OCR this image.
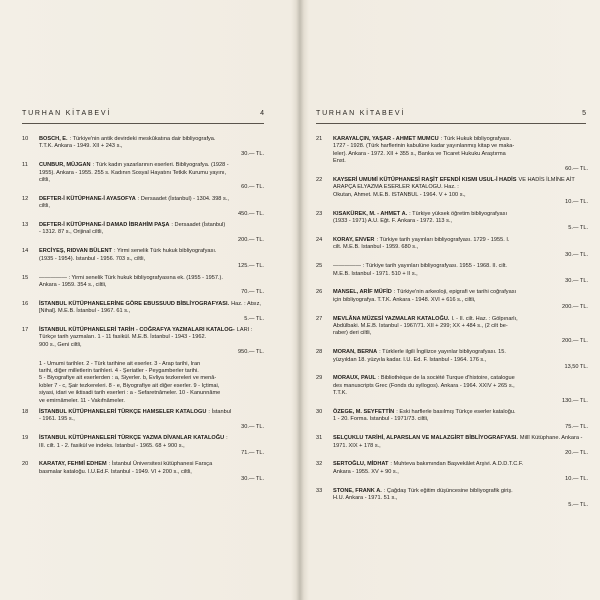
TURHAN KİTABEVİ	4
10	BOSCH, E. : Türkiye'nin antik devirdeki meskûkatına dair bibliyografya.
T.T.K. Ankara - 1949. XII + 243 s.,
30.— TL.
11	CUNBUR, MÜJGAN : Türk kadın yazarlarının eserleri. Bibliyografya. (1928 -
1955). Ankara - 1955. 255 s. Kadının Sosyal Hayatını Tetkik Kurumu yayını,
ciltli,
60.— TL.
12	DEFTER-İ KÜTÜPHANE-İ AYASOFYA : Dersaadet (İstanbul) - 1304. 398 s.,
ciltli,
450.— TL.
13	DEFTER-İ KÜTÜPHANE-İ DAMAD İBRAHİM PAŞA : Dersaadet (İstanbul)
- 1312. 87 s., Orijinal ciltli,
200.— TL.
14	ERCİYEŞ, RIDVAN BÜLENT : Yirmi senelik Türk hukuk bibliyografyası.
(1935 - 1954). İstanbul - 1956. 703 s., ciltli,
125.— TL.
15	————— : Yirmi senelik Türk hukuk bibliyografyasına ek. (1955 - 1957.).
Ankara - 1959. 354 s., ciltli,
70.— TL.
16	İSTANBUL KÜTÜPHANELERİNE GÖRE EBUSSUUD BİBLİYOGRAFYASI. Haz. : Atsız, [Nihal]. M.E.B. İstanbul - 1967. 61 s.,
5.— TL.
17	İSTANBUL KÜTÜPHANELERİ TARİH - COĞRAFYA YAZMALARI KATALOG- LARI : Türkçe tarih yazmaları. 1 - 11 fasikül. M.E.B. İstanbul - 1943 - 1962.
900 s., Geni ciltli,
950.— TL.
1 - Umumi tarihler. 2 - Türk tarihine ait eserler. 3 - Arap tarihi, İran
tarihi, diğer milletlerin tarihleri. 4 - Şeriatler - Peygamberler tarihi.
5 - Biyografiye ait eserlerden : a, Siyerler. b, Evliya tezkereleri ve menâ-
kıbler 7 - c, Şair tezkereleri. 8 - e, Biyografiye ait diğer eserler. 9 - İçtimai,
siyasi, idari ve iktisadi tarih eserleri : a - Sefaretnâmeler. 10 - Kanunnâme
ve emirnâmeler. 11 - Vakıfnâmeler.
18	İSTANBUL KÜTÜPHANELERİ TÜRKÇE HAMSELER KATALOGU : İstanbul
- 1961. 195 s.,
30.— TL.
19	İSTANBUL KÜTÜPHANELERİ TÜRKÇE YAZMA DİVANLAR KATALOĞU :
III. cilt. 1 - 2. fasikül ve indeks. İstanbul - 1965. 68 + 900 s.,
71.— TL.
20	KARATAY, FEHMİ EDHEM : İstanbul Üniversitesi kütüphanesi Farsça
basmalar kataloğu. İ.Ü.Ed.F. İstanbul - 1949. VI + 200 s., ciltli,
30.— TL.
TURHAN KİTABEVİ	5
21	KARAYALÇIN, YAŞAR - AHMET MUMCU : Türk Hukuk bibliyografyası.
1727 - 1928. (Türk harflerinin kabulüne kadar yayınlanmış kitap ve maka-
leler). Ankara - 1972. XII + 355 s., Banka ve Ticaret Hukuku Araştırma
Enst.
60.— TL.
22	KAYSERİ UMUMİ KÜTÜPHANESİ RAŞİT EFENDİ KISMI USUL-İ HADİS VE HADİS İLMİNE AİT ARAPÇA ELYAZMA ESERLER KATALOGU. Haz. :
Okutan, Ahmet. M.E.B. İSTANBUL - 1964. V + 100 s.,
10.— TL.
23	KISAKÜREK, M. - AHMET A. : Türkiye yüksek öğretim bibliyografyası
(1933 - 1971) A.Ü. Eğt. F. Ankara - 1972. 113 s.,
5.— TL.
24	KORAY, ENVER : Türkiye tarih yayınları bibliyografyası. 1729 - 1955. I.
cilt. M.E.B. İstanbul - 1959. 680 s.,
30.— TL.
25	————— : Türkiye tarih yayınları bibliyografyası. 1955 - 1968. II. cilt.
M.E.B. İstanbul - 1971. 510 + II s.,
30.— TL.
26	MANSEL, ARİF MÜFİD : Türkiye'nin arkeoloji, epigrafi ve tarihi coğrafyası
için bibliyografya. T.T.K. Ankara - 1948. XVI + 616 s., ciltli,
200.— TL.
27	MEVLÂNA MÜZESİ YAZMALAR KATALOĞU. I. - II. cilt. Haz. : Gölpınarlı,
Abdülbaki. M.E.B. İstanbul - 1967/71. XII + 299; XX + 484 s., (2 cilt be-
raber) deri ciltli,
200.— TL.
28	MORAN, BERNA : Türklerle ilgili İngilizce yayınlar bibliyografyası. 15.
yüzyıldan 18. yüzyıla kadar. İ.Ü. Ed. F. İstanbul - 1964. 176 s.,
13,50 TL.
29	MORAUX, PAUL : Bibliothèque de la société Turque d'histoire, catalogue
des manuscripts Grec (Fonds du syllogos). Ankara - 1964. XXIV + 265 s.,
T.T.K.
130.— TL.
30	ÖZEGE, M. SEYFETTİN : Eski harflerle basılmış Türkçe eserler kataloğu.
1 - 20. Forma. İstanbul - 1971/73. ciltli,
75.— TL.
31	SELÇUKLU TARİHİ, ALPARSLAN VE MALAZGİRT BİBLİYOGRAFYASI. Millî Kütüphane. Ankara - 1971. XIX + 178 s.,
20.— TL.
32	SERTOĞLU, MİDHAT : Muhteva bakımından Başvekâlet Arşivi. A.D.D.T.C.F.
Ankara - 1955. XV + 90 s.,
10.— TL.
33	STONE, FRANK A. : Çağdaş Türk eğitim düşüncesine bibliyografik giriş.
H.Ü. Ankara - 1971. 51 s.,
5.— TL.
